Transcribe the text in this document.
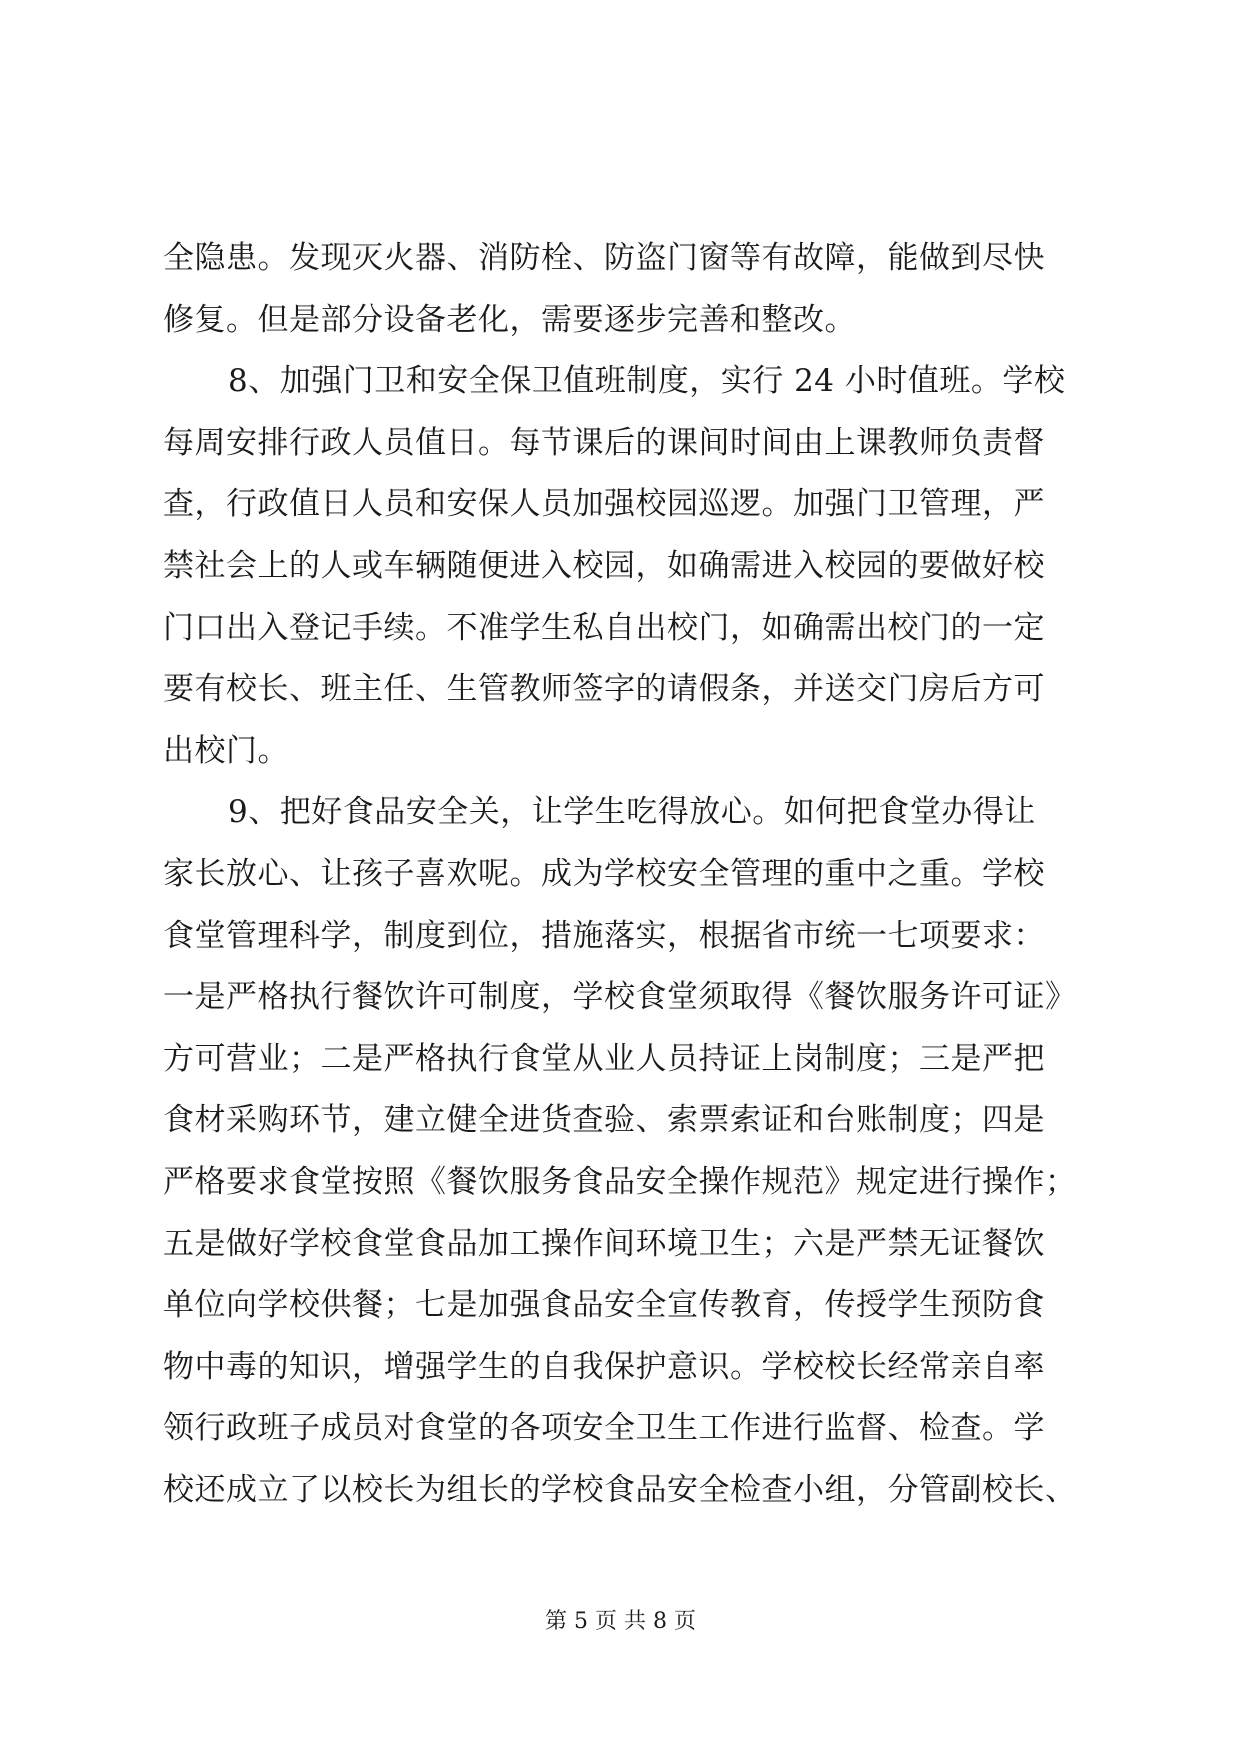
全隐患。发现灭火器、消防栓、防盗门窗等有故障，能做到尽快
修复。但是部分设备老化，需要逐步完善和整改。
8、加强门卫和安全保卫值班制度，实行 24 小时值班。学校
每周安排行政人员值日。每节课后的课间时间由上课教师负责督
查，行政值日人员和安保人员加强校园巡逻。加强门卫管理，严
禁社会上的人或车辆随便进入校园，如确需进入校园的要做好校
门口出入登记手续。不准学生私自出校门，如确需出校门的一定
要有校长、班主任、生管教师签字的请假条，并送交门房后方可
出校门。
9、把好食品安全关，让学生吃得放心。如何把食堂办得让
家长放心、让孩子喜欢呢。成为学校安全管理的重中之重。学校
食堂管理科学，制度到位，措施落实，根据省市统一七项要求：
一是严格执行餐饮许可制度，学校食堂须取得《餐饮服务许可证》
方可营业；二是严格执行食堂从业人员持证上岗制度；三是严把
食材采购环节，建立健全进货查验、索票索证和台账制度；四是
严格要求食堂按照《餐饮服务食品安全操作规范》规定进行操作；
五是做好学校食堂食品加工操作间环境卫生；六是严禁无证餐饮
单位向学校供餐；七是加强食品安全宣传教育，传授学生预防食
物中毒的知识，增强学生的自我保护意识。学校校长经常亲自率
领行政班子成员对食堂的各项安全卫生工作进行监督、检查。学
校还成立了以校长为组长的学校食品安全检查小组，分管副校长、
第 5 页 共 8 页
